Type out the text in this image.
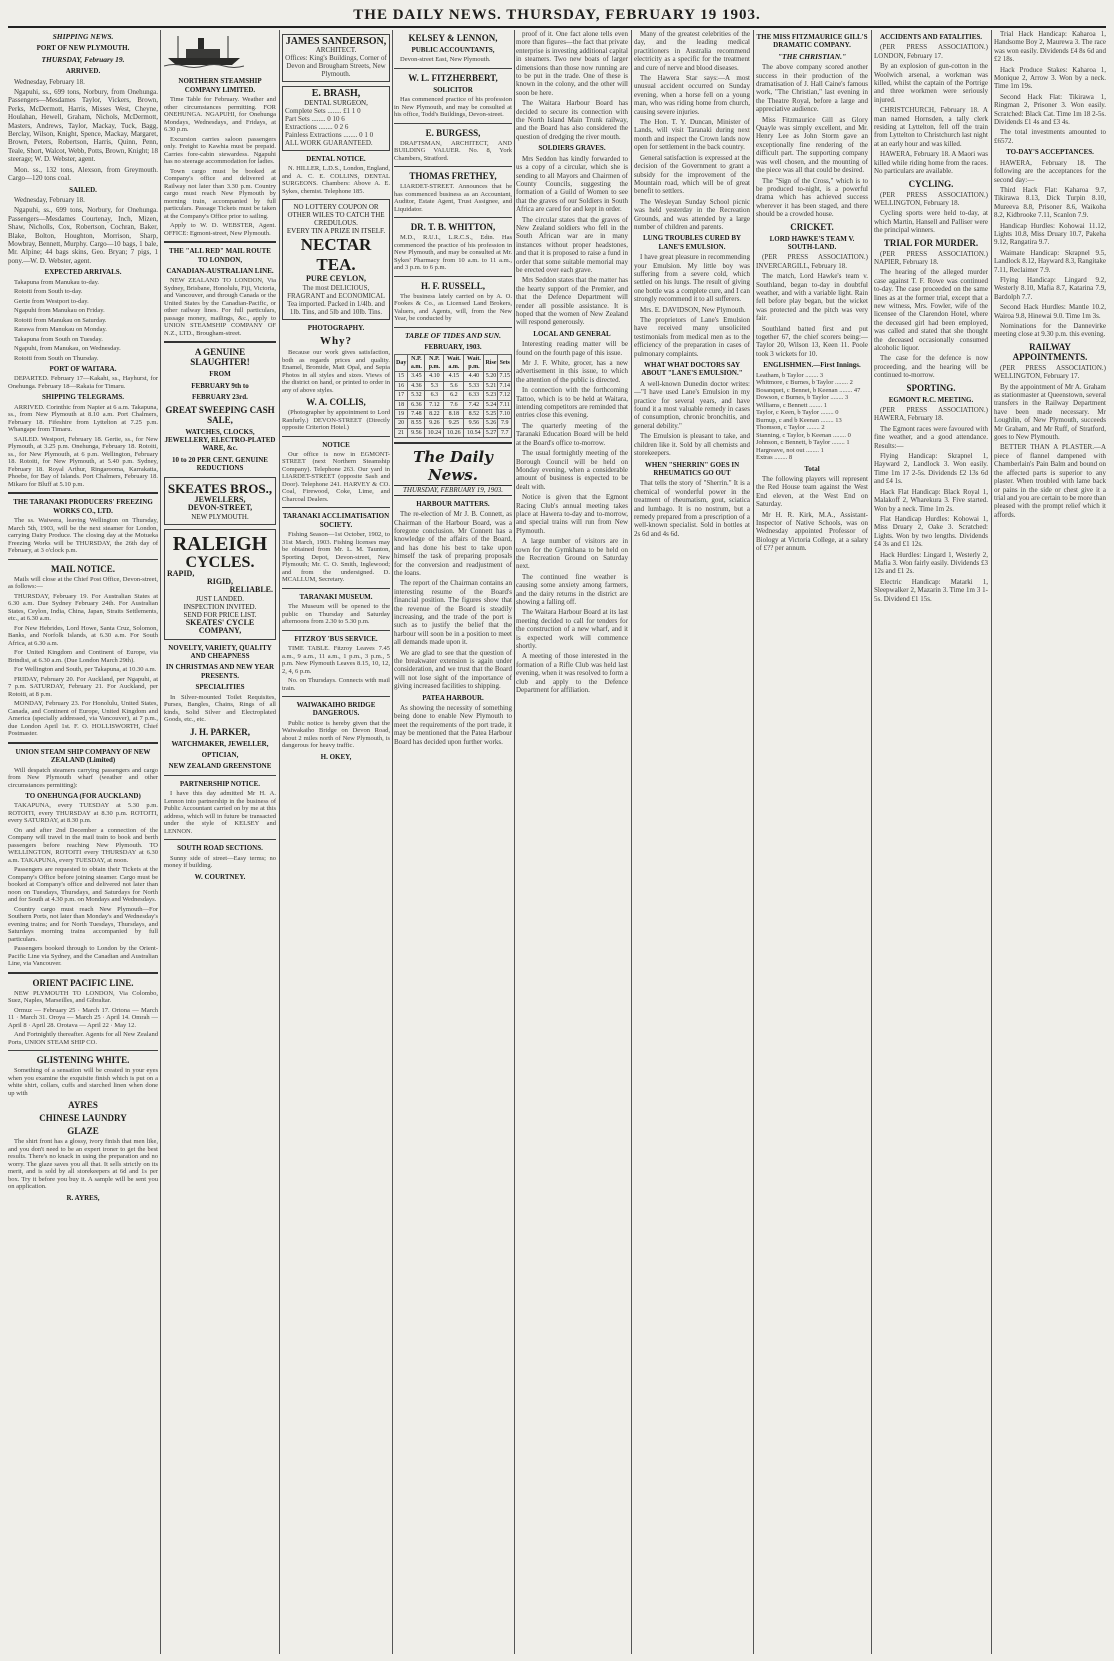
THE DAILY NEWS. THURSDAY, FEBRUARY 19 1903.
SHIPPING NEWS.
PORT OF NEW PLYMOUTH.
THURSDAY, February 19.
ARRIVED.
Wednesday, February 18.
Ngapuhi, ss., 699 tons, Norbury, from Onehunga. Passengers—Mesdames Taylor, Vickers, Brown, Perks, McDermott, Harris, Misses West, Cheyne, Houlahan, Hewell, Graham, Nichols, McDermott, Masters, Andrews, Taylor, Mackay, Tuck, Bagg, Berclay, Wilson, Knight, Spence, Mackay, Margaret, Brown, Peters, Robertson, Harris, Quinn, Penn, Teale, Short, Walcot, Webb, Potts, Brown, Knight; 18 steerage; W. D. Webster, agent.
Mon. ss., 132 tons, Alexson, from Greymouth. Cargo—120 tons coal.
SAILED.
Wednesday, February 18.
Ngapuhi, ss., 699 tons, Norbury, for Onehunga. Passengers—Mesdames Courtenay, Inch, Mizen, Shaw, Nicholls, Cox, Robertson, Cochran, Baker, Blake, Bolton, Houghton, Morrison, Sharp, Mowbray, Bennett, Murphy. Cargo—10 bags, 1 bale, Mr. Alpine; 44 bags skins, Geo. Bryan; 7 pigs, 1 pony.—W. D. Webster, agent.
EXPECTED ARRIVALS.
Takapuna from Manukau to-day.
Rotoiti from South to-day.
Gertie from Westport to-day.
Ngapuhi from Manukau on Friday.
Rotoiti from Manukau on Saturday.
Rarawa from Manukau on Monday.
Takapuna from South on Tuesday.
Ngapuhi, from Manukau, on Wednesday.
Rotoiti from South on Thursday.
PORT OF WAITARA.
DEPARTED. February 17—Kakahi, ss., Hayhurst, for Onehunga. February 18—Rakaia for Timaru.
SHIPPING TELEGRAMS.
ARRIVED. Corinthic from Napier at 6 a.m. Takapuna, ss., from New Plymouth at 8.10 a.m. Port Chalmers, February 18. Fifeshire from Lyttelton at 7.25 p.m. Whangape from Timaru.
SAILED. Westport, February 18. Gertie, ss., for New Plymouth, at 3.25 p.m. Onehunga, February 18. Rotoiti, ss., for New Plymouth, at 6 p.m. Wellington, February 18. Rotoiti, for New Plymouth, at 5.40 p.m. Sydney, February 18. Royal Arthur, Ringarooma, Karrakatta, Phoebe, for Bay of Islands. Port Chalmers, February 18. Mikaro for Bluff at 5.10 p.m.
THE TARANAKI PRODUCERS' FREEZING WORKS CO., LTD.
The ss. Waiwera, leaving Wellington on Thursday, March 5th, 1903, will be the next steamer for London, carrying Dairy Produce. The closing day at the Motueka Freezing Works will be THURSDAY, the 26th day of February, at 3 o'clock p.m.
MAIL NOTICE.
Mails will close at the Chief Post Office, Devon-street, as follows:—
THURSDAY, February 19. For Australian States at 6.30 a.m. Due Sydney February 24th. For Australian States, Ceylon, India, China, Japan, Straits Settlements, etc., at 6.30 a.m.
For New Hebrides, Lord Howe, Santa Cruz, Solomon, Banks, and Norfolk Islands, at 6.30 a.m. For South Africa, at 6.30 a.m.
For United Kingdom and Continent of Europe, via Brindisi, at 6.30 a.m. (Due London March 29th).
For Wellington and South, per Takapuna, at 10.30 a.m.
FRIDAY, February 20. For Auckland, per Ngapuhi, at 7 p.m. SATURDAY, February 21. For Auckland, per Rotoiti, at 8 p.m.
MONDAY, February 23. For Honolulu, United States, Canada, and Continent of Europe, United Kingdom and America (specially addressed, via Vancouver), at 7 p.m., due London April 1st. F. O. HOLLISWORTH, Chief Postmaster.
UNION STEAM SHIP COMPANY OF NEW ZEALAND (Limited)
Will despatch steamers carrying passengers and cargo from New Plymouth wharf (weather and other circumstances permitting):
TO ONEHUNGA (FOR AUCKLAND)
TAKAPUNA, every TUESDAY at 5.30 p.m. ROTOITI, every THURSDAY at 8.30 p.m. ROTOITI, every SATURDAY, at 8.30 p.m.
On and after 2nd December a connection of the Company will travel in the mail train to book and berth passengers before reaching New Plymouth. TO WELLINGTON, ROTOITI every THURSDAY at 6.30 a.m. TAKAPUNA, every TUESDAY, at noon.
Passengers are requested to obtain their Tickets at the Company's Office before joining steamer. Cargo must be booked at Company's office and delivered not later than noon on Tuesdays, Thursdays, and Saturdays for North and for South at 4.30 p.m. on Mondays and Wednesdays.
Country cargo must reach New Plymouth—For Southern Ports, not later than Monday's and Wednesday's evening trains; and for North Tuesdays, Thursdays, and Saturdays morning trains accompanied by full particulars.
Passengers booked through to London by the Orient-Pacific Line via Sydney, and the Canadian and Australian Line, via Vancouver.
ORIENT PACIFIC LINE.
NEW PLYMOUTH TO LONDON, Via Colombo, Suez, Naples, Marseilles, and Gibraltar.
Ormuz — February 25 · March 17. Ortona — March 11 · March 31. Oroya — March 25 · April 14. Omrah — April 8 · April 28. Orotava — April 22 · May 12.
And Fortnightly thereafter. Agents for all New Zealand Ports, UNION STEAM SHIP CO.
GLISTENING WHITE.
Something of a sensation will be created in your eyes when you examine the exquisite finish which is put on a white shirt, collars, cuffs and starched linen when done up with
AYRES
CHINESE LAUNDRY
GLAZE
The shirt front has a glossy, ivory finish that men like, and you don't need to be an expert ironer to get the best results. There's no knack in using the preparation and no worry. The glaze saves you all that. It sells strictly on its merit, and is sold by all storekeepers at 6d and 1s per box. Try it before you buy it. A sample will be sent you on application.
R. AYRES,
NORTHERN STEAMSHIP COMPANY LIMITED.
Time Table for February. Weather and other circumstances permitting. FOR ONEHUNGA. NGAPUHI, for Onehunga Mondays, Wednesdays, and Fridays, at 6.30 p.m.
Excursion carries saloon passengers only. Freight to Kawhia must be prepaid. Carries fore-cabin stewardess. Ngapuhi has no steerage accommodation for ladies.
Town cargo must be booked at Company's office and delivered at Railway not later than 3.30 p.m. Country cargo must reach New Plymouth by morning train, accompanied by full particulars. Passage Tickets must be taken at the Company's Office prior to sailing.
Apply to W. D. WEBSTER, Agent. OFFICE: Egmont-street, New Plymouth.
THE "ALL RED" MAIL ROUTE TO LONDON,
CANADIAN-AUSTRALIAN LINE.
NEW ZEALAND TO LONDON, Via Sydney, Brisbane, Honolulu, Fiji, Victoria, and Vancouver, and through Canada or the United States by the Canadian-Pacific, or other railway lines. For full particulars, passage money, mailings, &c., apply to UNION STEAMSHIP COMPANY OF N.Z., LTD., Brougham-street.
A GENUINE SLAUGHTER!
FROM
FEBRUARY 9th to
FEBRUARY 23rd.
GREAT SWEEPING CASH SALE,
WATCHES, CLOCKS, JEWELLERY, ELECTRO-PLATED WARE, &c.
10 to 20 PER CENT. GENUINE REDUCTIONS
SKEATES BROS.,
JEWELLERS,
DEVON-STREET,
NEW PLYMOUTH.
RALEIGH
CYCLES.
RAPID,
RIGID,
RELIABLE.
JUST LANDED.
INSPECTION INVITED.
SEND FOR PRICE LIST.
SKEATES' CYCLE COMPANY,
NOVELTY, VARIETY, QUALITY AND CHEAPNESS
IN CHRISTMAS AND NEW YEAR PRESENTS.
SPECIALITIES
In Silver-mounted Toilet Requisites, Purses, Bangles, Chains, Rings of all kinds, Solid Silver and Electroplated Goods, etc., etc.
J. H. PARKER,
WATCHMAKER, JEWELLER,
OPTICIAN,
NEW ZEALAND GREENSTONE
PARTNERSHIP NOTICE.
I have this day admitted Mr H. A. Lennon into partnership in the business of Public Accountant carried on by me at this address, which will in future be transacted under the style of KELSEY and LENNON.
SOUTH ROAD SECTIONS.
Sunny side of street—Easy terms; no money if building.
W. COURTNEY.
JAMES SANDERSON,
ARCHITECT.
Offices: King's Buildings, Corner of Devon and Brougham Streets, New Plymouth.
E. BRASH,
DENTAL SURGEON,
Complete Sets ........ £1 1 0
Part Sets ........ 0 10 6
Extractions ........ 0 2 6
Painless Extractions ........ 0 1 0
ALL WORK GUARANTEED.
DENTAL NOTICE.
N. HILLER, L.D.S., London, England, and A. C. E. COLLINS, DENTAL SURGEONS. Chambers: Above A. E. Sykes, chemist. Telephone 185.
NO LOTTERY COUPON OR OTHER WILES TO CATCH THE CREDULOUS.
EVERY TIN A PRIZE IN ITSELF.
NECTAR TEA.
PURE CEYLON,
The most DELICIOUS, FRAGRANT and ECONOMICAL Tea imported. Packed in 1/4lb. and 1lb. Tins, and 5lb and 10lb. Tins.
PHOTOGRAPHY.
Why?
Because our work gives satisfaction, both as regards prices and quality. Enamel, Bromide, Matt Opal, and Sepia Photos in all styles and sizes. Views of the district on hand, or printed to order in any of above styles.
W. A. COLLIS,
(Photographer by appointment to Lord Ranfurly.) DEVON-STREET (Directly opposite Criterion Hotel.)
NOTICE
Our office is now in EGMONT-STREET (next Northern Steamship Company). Telephone 263. Our yard in LIARDET-STREET (opposite Sash and Door). Telephone 241. HARVEY & CO. Coal, Firewood, Coke, Lime, and Charcoal Dealers.
TARANAKI ACCLIMATISATION SOCIETY.
Fishing Season—1st October, 1902, to 31st March, 1903. Fishing licenses may be obtained from Mr. L. M. Taunton, Sporting Depot, Devon-street, New Plymouth; Mr. C. O. Smith, Inglewood; and from the undersigned. D. MCALLUM, Secretary.
TARANAKI MUSEUM.
The Museum will be opened to the public on Thursday and Saturday afternoons from 2.30 to 5.30 p.m.
FITZROY 'BUS SERVICE.
TIME TABLE. Fitzroy Leaves 7.45 a.m., 9 a.m., 11 a.m., 1 p.m., 3 p.m., 5 p.m. New Plymouth Leaves 8.15, 10, 12, 2, 4, 6 p.m.
No. on Thursdays. Connects with mail train.
WAIWAKAIHO BRIDGE DANGEROUS.
Public notice is hereby given that the Waiwakaiho Bridge on Devon Road, about 2 miles north of New Plymouth, is dangerous for heavy traffic.
H. OKEY,
KELSEY & LENNON,
PUBLIC ACCOUNTANTS,
Devon-street East, New Plymouth.
W. L. FITZHERBERT,
SOLICITOR
Has commenced practice of his profession in New Plymouth, and may be consulted at his office, Todd's Buildings, Devon-street.
E. BURGESS,
DRAFTSMAN, ARCHITECT, AND BUILDING VALUER. No. 8, York Chambers, Stratford.
THOMAS FRETHEY,
LIARDET-STREET. Announces that he has commenced business as an Accountant, Auditor, Estate Agent, Trust Assignee, and Liquidator.
DR. T. B. WHITTON,
M.D., R.U.I., L.R.C.S., Edin. Has commenced the practice of his profession in New Plymouth, and may be consulted at Mr. Sykes' Pharmacy from 10 a.m. to 11 a.m., and 3 p.m. to 6 p.m.
H. F. RUSSELL,
The business lately carried on by A. O. Fookes & Co., as Licensed Land Brokers, Valuers, and Agents, will, from the New Year, be conducted by
TABLE OF TIDES AND SUN.
FEBRUARY, 1903.
Day	N.P. a.m.	N.P. p.m.	Wait. a.m.	Wait. p.m.	Rise	Sets
15	3.45	4.10	4.15	4.40	5.20	7.15
16	4.36	5.3	5.6	5.33	5.21	7.14
17	5.32	6.3	6.2	6.33	5.23	7.12
18	6.36	7.12	7.6	7.42	5.24	7.11
19	7.48	8.22	8.18	8.52	5.25	7.10
20	8.55	9.26	9.25	9.56	5.26	7.9
21	9.56	10.24	10.26	10.54	5.27	7.7
The Daily News.
THURSDAY, FEBRUARY 19, 1903.
HARBOUR MATTERS.
The re-election of Mr J. B. Connett, as Chairman of the Harbour Board, was a foregone conclusion. Mr Connett has a knowledge of the affairs of the Board, and has done his best to take upon himself the task of preparing proposals for the conversion and readjustment of the loans.
The report of the Chairman contains an interesting resume of the Board's financial position. The figures show that the revenue of the Board is steadily increasing, and the trade of the port is such as to justify the belief that the harbour will soon be in a position to meet all demands made upon it.
We are glad to see that the question of the breakwater extension is again under consideration, and we trust that the Board will not lose sight of the importance of giving increased facilities to shipping.
PATEA HARBOUR.
As showing the necessity of something being done to enable New Plymouth to meet the requirements of the port trade, it may be mentioned that the Patea Harbour Board has decided upon further works.
proof of it. One fact alone tells even more than figures—the fact that private enterprise is investing additional capital in steamers. Two new boats of larger dimensions than those now running are to be put in the trade. One of these is known in the colony, and the other will soon be here.
The Waitara Harbour Board has decided to secure its connection with the North Island Main Trunk railway, and the Board has also considered the question of dredging the river mouth.
SOLDIERS GRAVES.
Mrs Seddon has kindly forwarded to us a copy of a circular, which she is sending to all Mayors and Chairmen of County Councils, suggesting the formation of a Guild of Women to see that the graves of our Soldiers in South Africa are cared for and kept in order.
The circular states that the graves of New Zealand soldiers who fell in the South African war are in many instances without proper headstones, and that it is proposed to raise a fund in order that some suitable memorial may be erected over each grave.
Mrs Seddon states that the matter has the hearty support of the Premier, and that the Defence Department will render all possible assistance. It is hoped that the women of New Zealand will respond generously.
LOCAL AND GENERAL
Interesting reading matter will be found on the fourth page of this issue.
Mr J. F. White, grocer, has a new advertisement in this issue, to which the attention of the public is directed.
In connection with the forthcoming Tattoo, which is to be held at Waitara, intending competitors are reminded that entries close this evening.
The quarterly meeting of the Taranaki Education Board will be held at the Board's office to-morrow.
The usual fortnightly meeting of the Borough Council will be held on Monday evening, when a considerable amount of business is expected to be dealt with.
Notice is given that the Egmont Racing Club's annual meeting takes place at Hawera to-day and to-morrow, and special trains will run from New Plymouth.
A large number of visitors are in town for the Gymkhana to be held on the Recreation Ground on Saturday next.
The continued fine weather is causing some anxiety among farmers, and the dairy returns in the district are showing a falling off.
The Waitara Harbour Board at its last meeting decided to call for tenders for the construction of a new wharf, and it is expected work will commence shortly.
A meeting of those interested in the formation of a Rifle Club was held last evening, when it was resolved to form a club and apply to the Defence Department for affiliation.
Many of the greatest celebrities of the day, and the leading medical practitioners in Australia recommend electricity as a specific for the treatment and cure of nerve and blood diseases.
The Hawera Star says:—A most unusual accident occurred on Sunday evening, when a horse fell on a young man, who was riding home from church, causing severe injuries.
The Hon. T. Y. Duncan, Minister of Lands, will visit Taranaki during next month and inspect the Crown lands now open for settlement in the back country.
General satisfaction is expressed at the decision of the Government to grant a subsidy for the improvement of the Mountain road, which will be of great benefit to settlers.
The Wesleyan Sunday School picnic was held yesterday in the Recreation Grounds, and was attended by a large number of children and parents.
LUNG TROUBLES CURED BY LANE'S EMULSION.
I have great pleasure in recommending your Emulsion. My little boy was suffering from a severe cold, which settled on his lungs. The result of giving one bottle was a complete cure, and I can strongly recommend it to all sufferers.
Mrs. E. DAVIDSON, New Plymouth.
The proprietors of Lane's Emulsion have received many unsolicited testimonials from medical men as to the efficiency of the preparation in cases of pulmonary complaints.
WHAT WHAT DOCTORS SAY ABOUT "LANE'S EMULSION."
A well-known Dunedin doctor writes:—"I have used Lane's Emulsion in my practice for several years, and have found it a most valuable remedy in cases of consumption, chronic bronchitis, and general debility."
The Emulsion is pleasant to take, and children like it. Sold by all chemists and storekeepers.
WHEN "SHERRIN" GOES IN RHEUMATICS GO OUT
That tells the story of "Sherrin." It is a chemical of wonderful power in the treatment of rheumatism, gout, sciatica and lumbago. It is no nostrum, but a remedy prepared from a prescription of a well-known specialist. Sold in bottles at 2s 6d and 4s 6d.
THE MISS FITZMAURICE GILL'S DRAMATIC COMPANY.
"THE CHRISTIAN."
The above company scored another success in their production of the dramatisation of J. Hall Caine's famous work, "The Christian," last evening in the Theatre Royal, before a large and appreciative audience.
Miss Fitzmaurice Gill as Glory Quayle was simply excellent, and Mr. Henry Lee as John Storm gave an exceptionally fine rendering of the difficult part. The supporting company was well chosen, and the mounting of the piece was all that could be desired.
The "Sign of the Cross," which is to be produced to-night, is a powerful drama which has achieved success wherever it has been staged, and there should be a crowded house.
CRICKET.
LORD HAWKE'S TEAM V. SOUTH-LAND.
(PER PRESS ASSOCIATION.) INVERCARGILL, February 18.
The match, Lord Hawke's team v. Southland, began to-day in doubtful weather, and with a variable light. Rain fell before play began, but the wicket was protected and the pitch was very fair.
Southland batted first and put together 67, the chief scorers being:—Taylor 20, Wilson 13, Keen 11. Poole took 3 wickets for 10.
ENGLISHMEN.—First Innings.
Leatham, b Taylor ........ 3
Whitmore, c Burnes, b Taylor ........ 2
Bosanquet, c Bennet, b Keenan ........ 47
Dowson, c Burnes, b Taylor ........ 3
Williams, c Bennett ........ 1
Taylor, c Keen, b Taylor ........ 0
Burnup, c and b Keenan ........ 13
Thomson, c Taylor ........ 2
Stanning, c Taylor, b Keenan ........ 0
Johnson, c Bennett, b Taylor ........ 1
Hargreave, not out ........ 1
Extras ........ 8
Total
The following players will represent the Red House team against the West End eleven, at the West End on Saturday.
Mr H. R. Kirk, M.A., Assistant-Inspector of Native Schools, was on Wednesday appointed Professor of Biology at Victoria College, at a salary of £?? per annum.
ACCIDENTS AND FATALITIES.
(PER PRESS ASSOCIATION.) LONDON, February 17.
By an explosion of gun-cotton in the Woolwich arsenal, a workman was killed, whilst the captain of the Portrige and three workmen were seriously injured.
CHRISTCHURCH, February 18. A man named Hornsden, a tally clerk residing at Lyttelton, fell off the train from Lyttelton to Christchurch last night at an early hour and was killed.
HAWERA, February 18. A Maori was killed while riding home from the races. No particulars are available.
CYCLING.
(PER PRESS ASSOCIATION.) WELLINGTON, February 18.
Cycling sports were held to-day, at which Martin, Hansell and Palliser were the principal winners.
TRIAL FOR MURDER.
(PER PRESS ASSOCIATION.) NAPIER, February 18.
The hearing of the alleged murder case against T. F. Rowe was continued to-day. The case proceeded on the same lines as at the former trial, except that a new witness, Mrs. Fowler, wife of the licensee of the Clarendon Hotel, where the deceased girl had been employed, was called and stated that she thought the deceased occasionally consumed alcoholic liquor.
The case for the defence is now proceeding, and the hearing will be continued to-morrow.
SPORTING.
EGMONT R.C. MEETING.
(PER PRESS ASSOCIATION.) HAWERA, February 18.
The Egmont races were favoured with fine weather, and a good attendance. Results:—
Flying Handicap: Skrapnel 1, Hayward 2, Landlock 3. Won easily. Time 1m 17 2-5s. Dividends £2 13s 6d and £4 1s.
Hack Flat Handicap: Black Royal 1, Malakoff 2, Wharekura 3. Five started. Won by a neck. Time 1m 2s.
Flat Handicap Hurdles: Kohowai 1, Miss Druary 2, Oake 3. Scratched: Lights. Won by two lengths. Dividends £4 3s and £1 12s.
Hack Hurdles: Lingard 1, Westerly 2, Mafia 3. Won fairly easily. Dividends £3 12s and £1 2s.
Electric Handicap: Matarki 1, Sleepwalker 2, Mazarin 3. Time 1m 3 1-5s. Dividend £1 15s.
Trial Hack Handicap: Kaharoa 1, Handsome Boy 2, Maurewa 3. The race was won easily. Dividends £4 8s 6d and £2 18s.
Hack Produce Stakes: Kaharoa 1, Monique 2, Arrow 3. Won by a neck. Time 1m 19s.
Second Hack Flat: Tikirawa 1, Ringman 2, Prisoner 3. Won easily. Scratched: Black Cat. Time 1m 18 2-5s. Dividends £1 4s and £3 4s.
The total investments amounted to £6572.
TO-DAY'S ACCEPTANCES.
HAWERA, February 18. The following are the acceptances for the second day:—
Third Hack Flat: Kaharoa 9.7, Tikirawa 8.13, Dick Turpin 8.10, Mureeva 8.8, Prisoner 8.6, Waikoha 8.2, Kidbrooke 7.11, Scanlon 7.9.
Handicap Hurdles: Kohowai 11.12, Lights 10.8, Miss Druary 10.7, Pakeha 9.12, Rangatira 9.7.
Waimate Handicap: Skrapnel 9.5, Landlock 8.12, Hayward 8.3, Rangitake 7.11, Reclaimer 7.9.
Flying Handicap: Lingard 9.2, Westerly 8.10, Mafia 8.7, Katarina 7.9, Bardolph 7.7.
Second Hack Hurdles: Mantle 10.2, Wairoa 9.8, Hinewai 9.0. Time 1m 3s.
Nominations for the Dannevirke meeting close at 9.30 p.m. this evening.
RAILWAY APPOINTMENTS.
(PER PRESS ASSOCIATION.) WELLINGTON, February 17.
By the appointment of Mr A. Graham as stationmaster at Queenstown, several transfers in the Railway Department have been made necessary. Mr Loughlin, of New Plymouth, succeeds Mr Graham, and Mr Ruff, of Stratford, goes to New Plymouth.
BETTER THAN A PLASTER.—A piece of flannel dampened with Chamberlain's Pain Balm and bound on the affected parts is superior to any plaster. When troubled with lame back or pains in the side or chest give it a trial and you are certain to be more than pleased with the prompt relief which it affords.
